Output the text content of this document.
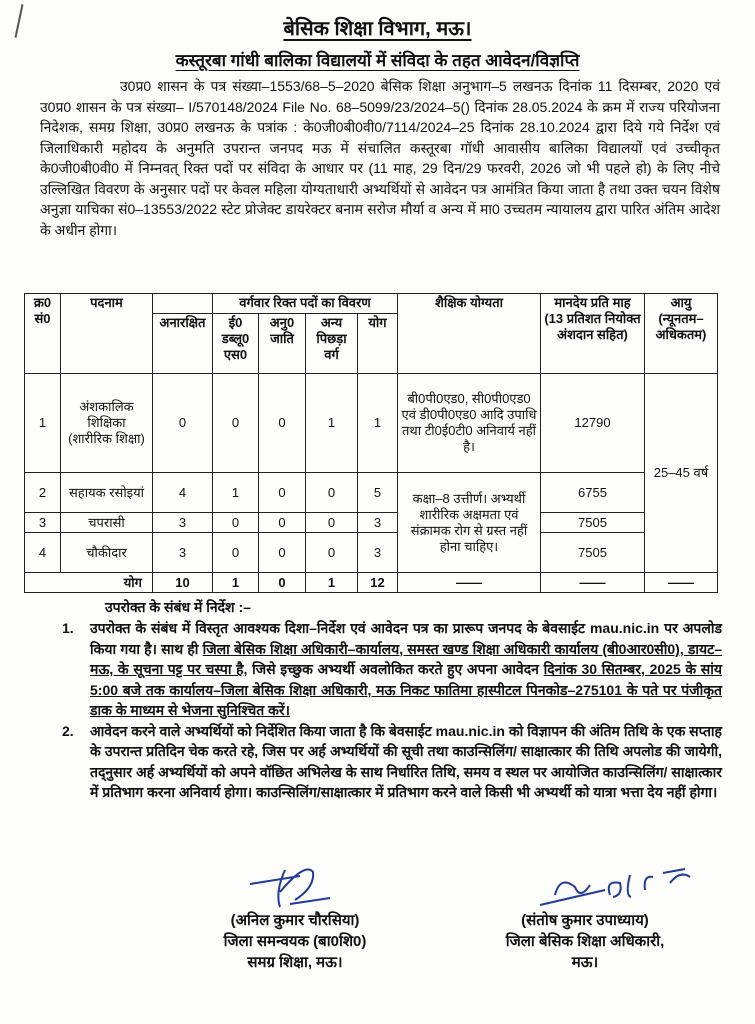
बेसिक शिक्षा विभाग, मऊ।
कस्तूरबा गांधी बालिका विद्यालयों में संविदा के तहत आवेदन/विज्ञप्ति
उ0प्र0 शासन के पत्र संख्या–1553/68–5–2020 बेसिक शिक्षा अनुभाग–5 लखनऊ दिनांक 11 दिसम्बर, 2020 एवं उ0प्र0 शासन के पत्र संख्या– I/570148/2024 File No. 68–5099/23/2024–5() दिनांक 28.05.2024 के क्रम में राज्य परियोजना निदेशक, समग्र शिक्षा, उ0प्र0 लखनऊ के पत्रांक : के0जी0बी0वी0/7114/2024–25 दिनांक 28.10.2024 द्वारा दिये गये निर्देश एवं जिलाधिकारी महोदय के अनुमति उपरान्त जनपद मऊ में संचालित कस्तूरबा गॉधी आवासीय बालिका विद्यालयों एवं उच्चीकृत के0जी0बी0वी0 में निम्नवत् रिक्त पदों पर संविदा के आधार पर (11 माह, 29 दिन/29 फरवरी, 2026 जो भी पहले हो) के लिए नीचे उल्लिखित विवरण के अनुसार पदों पर केवल महिला योग्यताधारी अभ्यर्थियों से आवेदन पत्र आमंत्रित किया जाता है तथा उक्त चयन विशेष अनुज्ञा याचिका सं0–13553/2022 स्टेट प्रोजेक्ट डायरेक्टर बनाम सरोज मौर्या व अन्य में मा0 उच्चतम न्यायालय द्वारा पारित अंतिम आदेश के अधीन होगा।
क्र0 सं0	पदनाम		वर्गवार रिक्त पदों का विवरण				शैक्षिक योग्यता	मानदेय प्रति माह (13 प्रतिशत नियोक्त अंशदान सहित)	आयु (न्यूनतम–अधिकतम)
		अनारक्षित	ई0 डब्लू0 एस0	अनु0 जाति	अन्य पिछड़ा वर्ग	योग			
1	अंशकालिक शिक्षिका (शारीरिक शिक्षा)	0	0	0	1	1	बी0पी0एड0, सी0पी0एड0 एवं डी0पी0एड0 आदि उपाधि तथा टी0ई0टी0 अनिवार्य नहीं है।	12790	25–45 वर्ष
2	सहायक रसोइयां	4	1	0	0	5	कक्षा–8 उत्तीर्ण। अभ्यर्थी शारीरिक अक्षमता एवं संक्रामक रोग से ग्रस्त नहीं होना चाहिए।	6755	
3	चपरासी	3	0	0	0	3		7505	
4	चौकीदार	3	0	0	0	3		7505	
योग		10	1	0	1	12	——	——	——
उपरोक्त के संबंध में निर्देश :–
1.	उपरोक्त के संबंध में विस्तृत आवश्यक दिशा–निर्देश एवं आवेदन पत्र का प्रारूप जनपद के बेवसाईट mau.nic.in पर अपलोड किया गया है। साथ ही जिला बेसिक शिक्षा अधिकारी–कार्यालय, समस्त खण्ड शिक्षा अधिकारी कार्यालय (बी0आर0सी0), डायट–मऊ, के सूचना पट्ट पर चस्पा है, जिसे इच्छुक अभ्यर्थी अवलोकित करते हुए अपना आवेदन दिनांक 30 सितम्बर, 2025 के सांय 5:00 बजे तक कार्यालय–जिला बेसिक शिक्षा अधिकारी, मऊ निकट फातिमा हास्पीटल पिनकोड–275101 के पते पर पंजीकृत डाक के माध्यम से भेजना सुनिश्चित करें।
2.	आवेदन करने वाले अभ्यर्थियों को निर्देशित किया जाता है कि बेवसाईट mau.nic.in को विज्ञापन की अंतिम तिथि के एक सप्ताह के उपरान्त प्रतिदिन चेक करते रहे, जिस पर अर्ह अभ्यर्थियों की सूची तथा काउन्सिलिंग/ साक्षात्कार की तिथि अपलोड की जायेगी, तद्नुसार अर्ह अभ्यर्थियों को अपने वॉछित अभिलेख के साथ निर्धारित तिथि, समय व स्थल पर आयोजित काउन्सिलिंग/ साक्षात्कार में प्रतिभाग करना अनिवार्य होगा। काउन्सिलिंग/साक्षात्कार में प्रतिभाग करने वाले किसी भी अभ्यर्थी को यात्रा भत्ता देय नहीं होगा।
(अनिल कुमार चौरसिया)
जिला समन्वयक (बा0शि0)
समग्र शिक्षा, मऊ।
(संतोष कुमार उपाध्याय)
जिला बेसिक शिक्षा अधिकारी,
मऊ।
